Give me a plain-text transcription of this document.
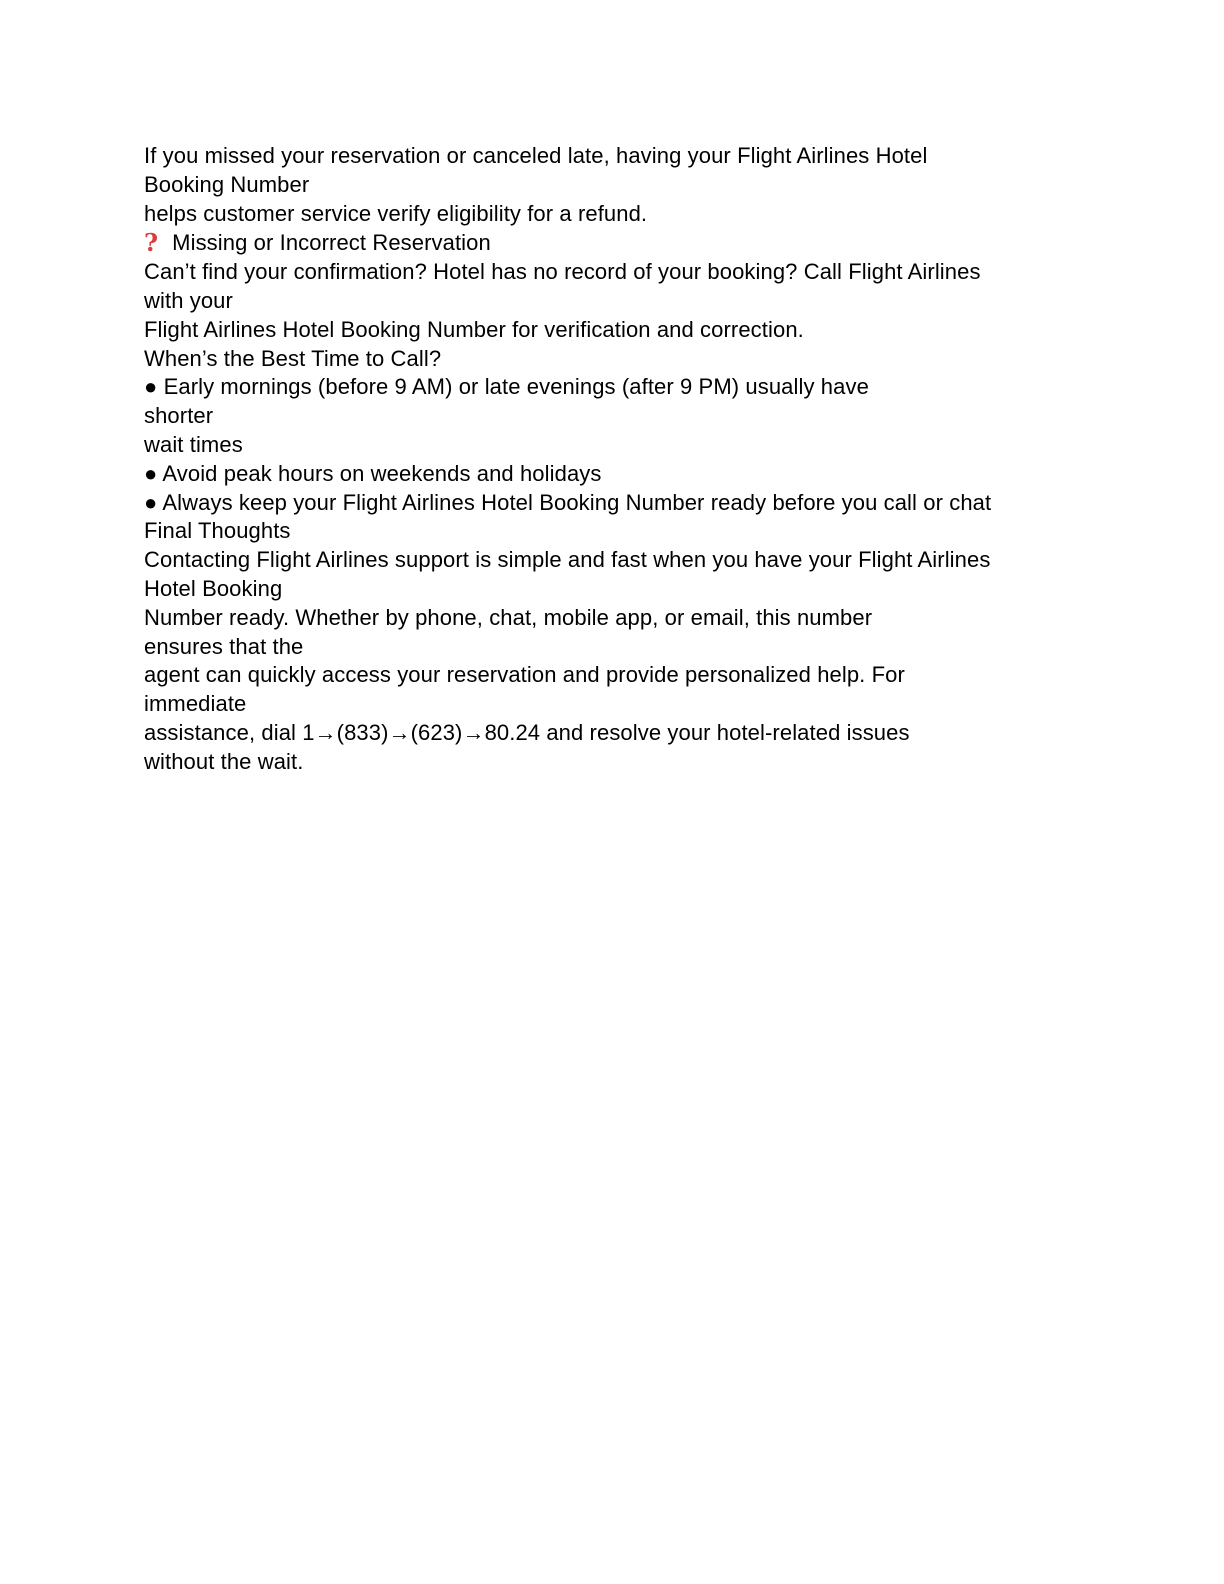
If you missed your reservation or canceled late, having your Flight Airlines Hotel
Booking Number
helps customer service verify eligibility for a refund.
? Missing or Incorrect Reservation
Can’t find your confirmation? Hotel has no record of your booking? Call Flight Airlines
with your
Flight Airlines Hotel Booking Number for verification and correction.
When’s the Best Time to Call?
● Early mornings (before 9 AM) or late evenings (after 9 PM) usually have
shorter
wait times
● Avoid peak hours on weekends and holidays
● Always keep your Flight Airlines Hotel Booking Number ready before you call or chat
Final Thoughts
Contacting Flight Airlines support is simple and fast when you have your Flight Airlines
Hotel Booking
Number ready. Whether by phone, chat, mobile app, or email, this number
ensures that the
agent can quickly access your reservation and provide personalized help. For
immediate
assistance, dial 1→(833)→(623)→80.24 and resolve your hotel-related issues
without the wait.
